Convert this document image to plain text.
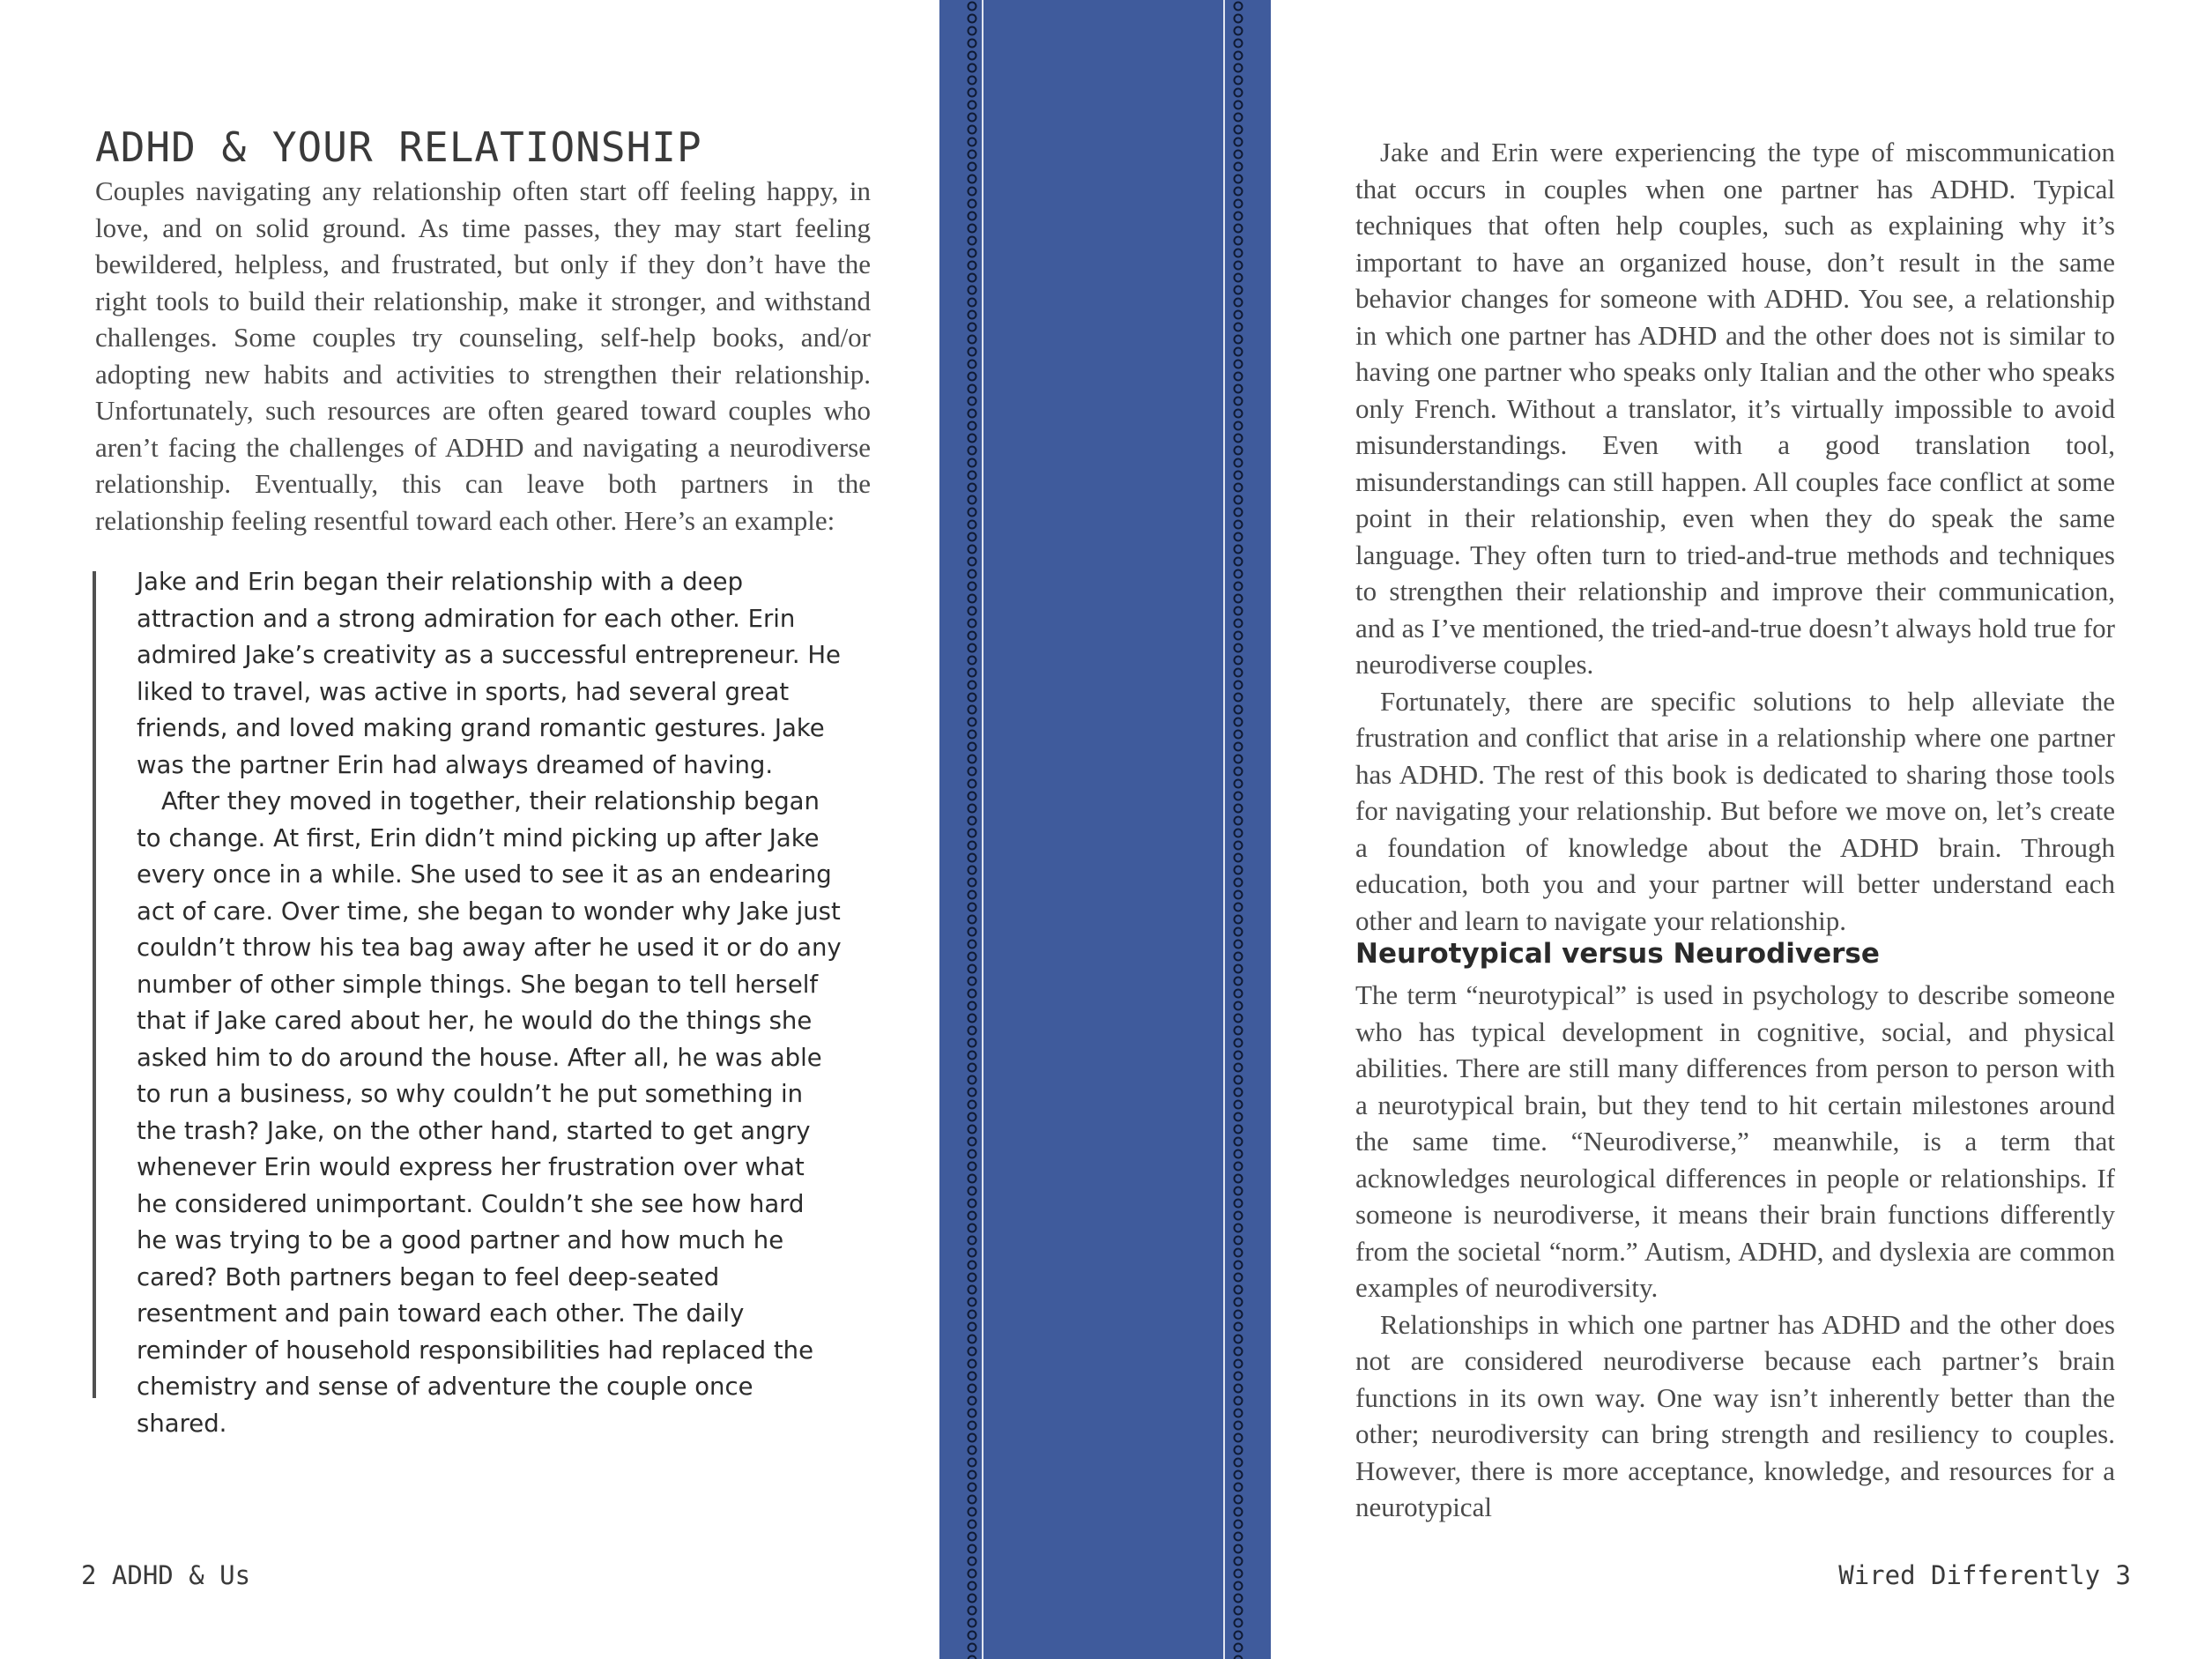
ADHD & YOUR RELATIONSHIP

Couples navigating any relationship often start off feeling happy, in love, and on solid ground. As time passes, they may start feeling bewildered, helpless, and frustrated, but only if they don’t have the right tools to build their relationship, make it stronger, and withstand challenges. Some couples try counseling, self-help books, and/or adopting new habits and activities to strengthen their relationship. Unfortunately, such resources are often geared toward couples who aren’t facing the challenges of ADHD and navigating a neurodiverse relationship. Eventually, this can leave both partners in the relationship feeling resentful toward each other. Here’s an example:

Jake and Erin began their relationship with a deep attraction and a strong admiration for each other. Erin admired Jake’s creativity as a successful entrepreneur. He liked to travel, was active in sports, had several great friends, and loved making grand romantic gestures. Jake was the partner Erin had always dreamed of having.

After they moved in together, their relationship began to change. At first, Erin didn’t mind picking up after Jake every once in a while. She used to see it as an endearing act of care. Over time, she began to wonder why Jake just couldn’t throw his tea bag away after he used it or do any number of other simple things. She began to tell herself that if Jake cared about her, he would do the things she asked him to do around the house. After all, he was able to run a business, so why couldn’t he put something in the trash? Jake, on the other hand, started to get angry whenever Erin would express her frustration over what he considered unimportant. Couldn’t she see how hard he was trying to be a good partner and how much he cared? Both partners began to feel deep-seated resentment and pain toward each other. The daily reminder of household responsibilities had replaced the chemistry and sense of adventure the couple once shared.

2 ADHD & Us

Jake and Erin were experiencing the type of miscommunication that occurs in couples when one partner has ADHD. Typical techniques that often help couples, such as explaining why it’s important to have an organized house, don’t result in the same behavior changes for someone with ADHD. You see, a relationship in which one partner has ADHD and the other does not is similar to having one partner who speaks only Italian and the other who speaks only French. Without a translator, it’s virtually impossible to avoid misunderstandings. Even with a good translation tool, misunderstandings can still happen. All couples face conflict at some point in their relationship, even when they do speak the same language. They often turn to tried-and-true methods and techniques to strengthen their relationship and improve their communication, and as I’ve mentioned, the tried-and-true doesn’t always hold true for neurodiverse couples.

Fortunately, there are specific solutions to help alleviate the frustration and conflict that arise in a relationship where one partner has ADHD. The rest of this book is dedicated to sharing those tools for navigating your relationship. But before we move on, let’s create a foundation of knowledge about the ADHD brain. Through education, both you and your partner will better understand each other and learn to navigate your relationship.

Neurotypical versus Neurodiverse

The term “neurotypical” is used in psychology to describe someone who has typical development in cognitive, social, and physical abilities. There are still many differences from person to person with a neurotypical brain, but they tend to hit certain milestones around the same time. “Neurodiverse,” meanwhile, is a term that acknowledges neurological differences in people or relationships. If someone is neurodiverse, it means their brain functions differently from the societal “norm.” Autism, ADHD, and dyslexia are common examples of neurodiversity.

Relationships in which one partner has ADHD and the other does not are considered neurodiverse because each partner’s brain functions in its own way. One way isn’t inherently better than the other; neurodiversity can bring strength and resiliency to couples. However, there is more acceptance, knowledge, and resources for a neurotypical

Wired Differently 3
